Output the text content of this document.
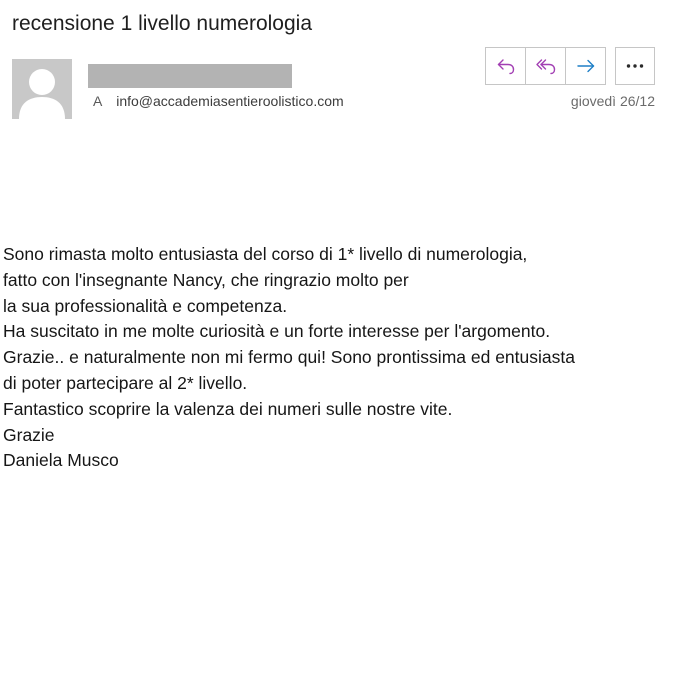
recensione 1 livello numerologia
A info@accademiasentieroolistico.com	giovedì 26/12
Sono rimasta molto entusiasta del corso di 1* livello di numerologia,
fatto con l'insegnante Nancy, che ringrazio molto per
la sua professionalità e competenza.
Ha suscitato in me molte curiosità e un forte interesse per l'argomento.
Grazie.. e naturalmente non mi fermo qui! Sono prontissima ed entusiasta
di poter partecipare al 2* livello.
Fantastico scoprire la valenza dei numeri sulle nostre vite.
Grazie
Daniela Musco
